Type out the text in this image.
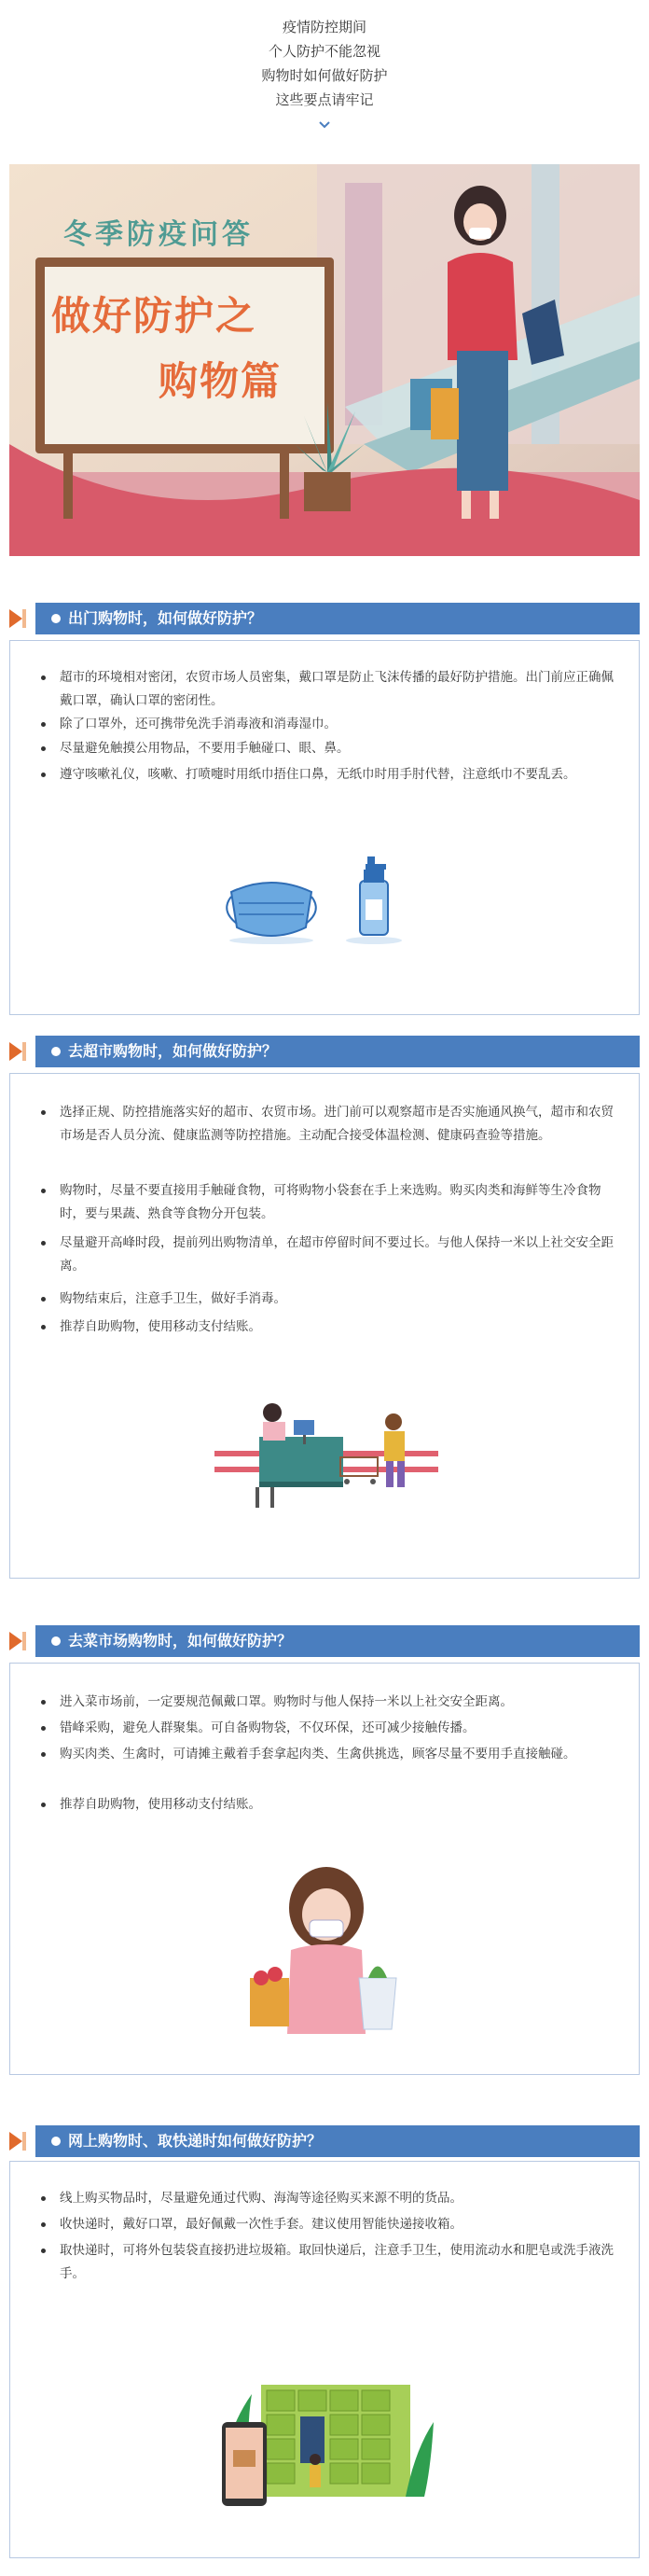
疫情防控期间
个人防护不能忽视
购物时如何做好防护
这些要点请牢记
冬季防疫问答
做好防护之
购物篇
出门购物时，如何做好防护？
超市的环境相对密闭，农贸市场人员密集，戴口罩是防止飞沫传播的最好防护措施。出门前应正确佩戴口罩，确认口罩的密闭性。
除了口罩外，还可携带免洗手消毒液和消毒湿巾。
尽量避免触摸公用物品，不要用手触碰口、眼、鼻。
遵守咳嗽礼仪，咳嗽、打喷嚏时用纸巾捂住口鼻，无纸巾时用手肘代替，注意纸巾不要乱丢。
去超市购物时，如何做好防护？
选择正规、防控措施落实好的超市、农贸市场。进门前可以观察超市是否实施通风换气，超市和农贸市场是否人员分流、健康监测等防控措施。主动配合接受体温检测、健康码查验等措施。
购物时，尽量不要直接用手触碰食物，可将购物小袋套在手上来选购。购买肉类和海鲜等生冷食物时，要与果蔬、熟食等食物分开包装。
尽量避开高峰时段，提前列出购物清单，在超市停留时间不要过长。与他人保持一米以上社交安全距离。
购物结束后，注意手卫生，做好手消毒。
推荐自助购物，使用移动支付结账。
去菜市场购物时，如何做好防护？
进入菜市场前，一定要规范佩戴口罩。购物时与他人保持一米以上社交安全距离。
错峰采购，避免人群聚集。可自备购物袋，不仅环保，还可减少接触传播。
购买肉类、生禽时，可请摊主戴着手套拿起肉类、生禽供挑选，顾客尽量不要用手直接触碰。
推荐自助购物，使用移动支付结账。
网上购物时、取快递时如何做好防护？
线上购买物品时，尽量避免通过代购、海淘等途径购买来源不明的货品。
收快递时，戴好口罩，最好佩戴一次性手套。建议使用智能快递接收箱。
取快递时，可将外包装袋直接扔进垃圾箱。取回快递后，注意手卫生，使用流动水和肥皂或洗手液洗手。
